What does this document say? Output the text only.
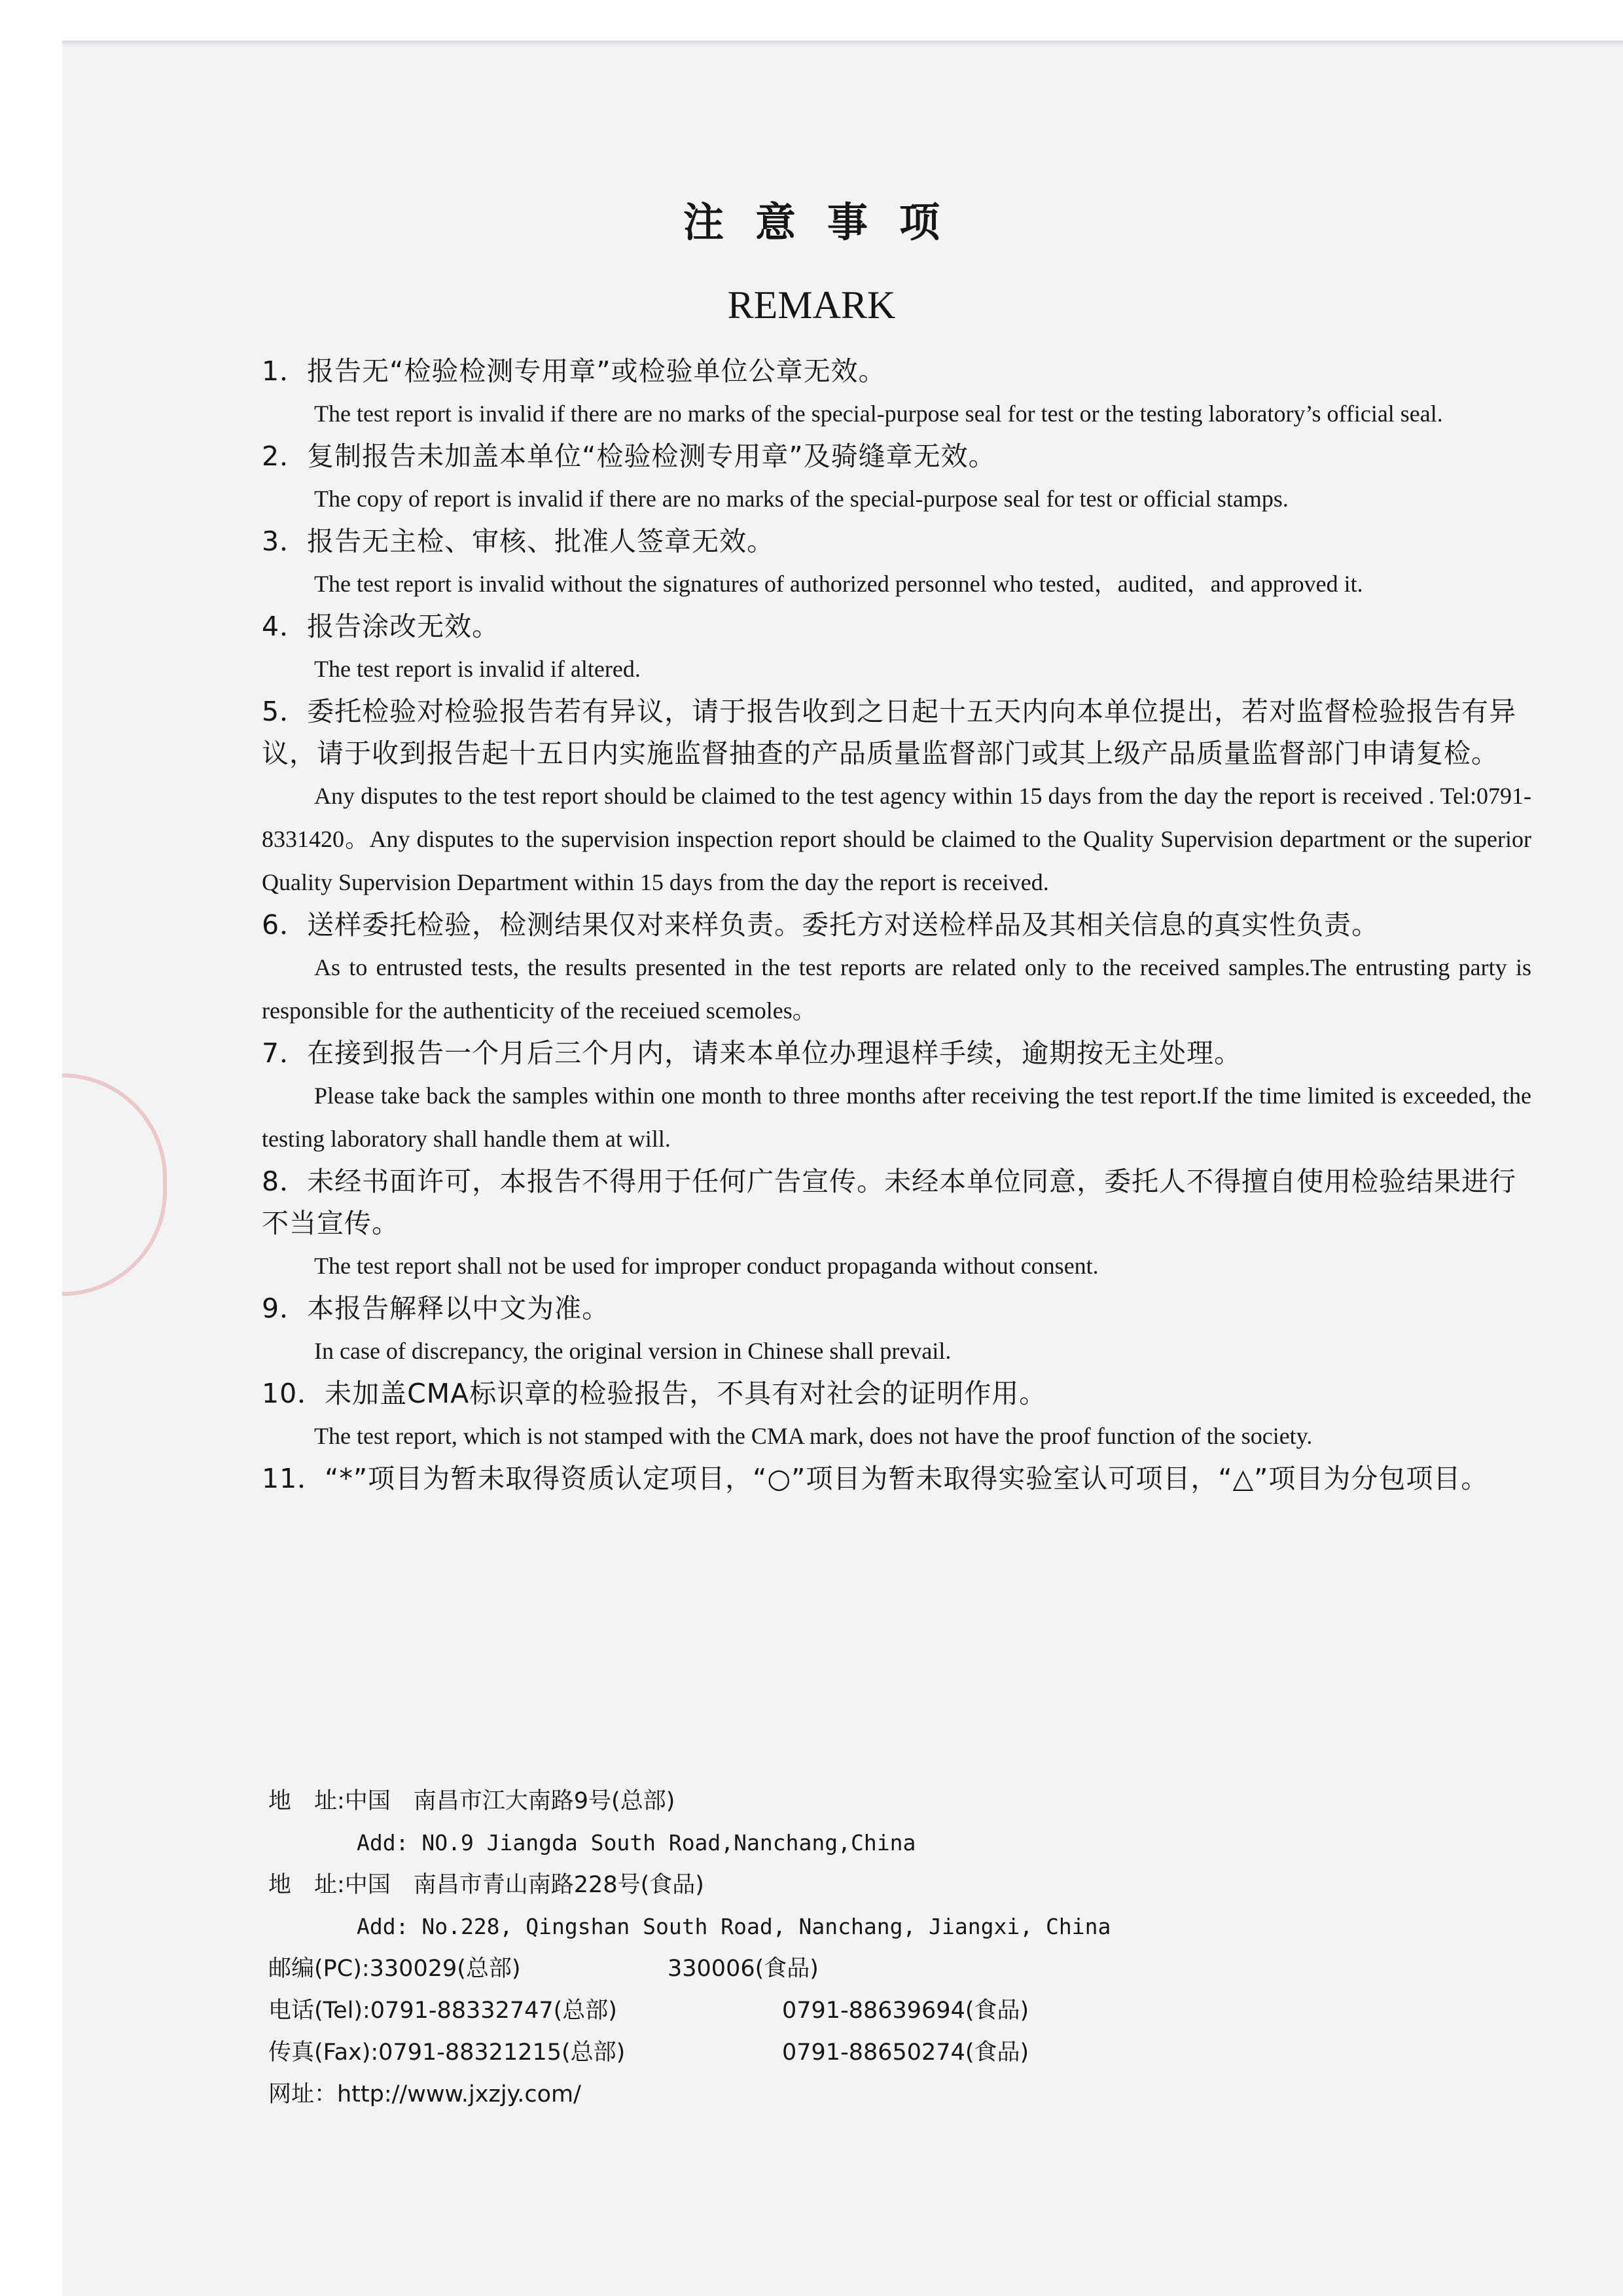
注意事项
REMARK

1．报告无“检验检测专用章”或检验单位公章无效。

The test report is invalid if there are no marks of the special-purpose seal for test or the testing laboratory’s official seal.

2．复制报告未加盖本单位“检验检测专用章”及骑缝章无效。

The copy of report is invalid if there are no marks of the special-purpose seal for test or official stamps.

3．报告无主检、审核、批准人签章无效。

The test report is invalid without the signatures of authorized personnel who tested，audited，and approved it.

4．报告涂改无效。

The test report is invalid if altered.

5．委托检验对检验报告若有异议，请于报告收到之日起十五天内向本单位提出，若对监督检验报告有异议，请于收到报告起十五日内实施监督抽查的产品质量监督部门或其上级产品质量监督部门申请复检。

Any disputes to the test report should be claimed to the test agency within 15 days from the day the report is received . Tel:0791-8331420。Any disputes to the supervision inspection report should be claimed to the Quality Supervision department or the superior Quality Supervision Department within 15 days from the day the report is received.

6．送样委托检验，检测结果仅对来样负责。委托方对送检样品及其相关信息的真实性负责。

As to entrusted tests, the results presented in the test reports are related only to the received samples.The entrusting party is responsible for the authenticity of the receiued scemoles。

7．在接到报告一个月后三个月内，请来本单位办理退样手续，逾期按无主处理。

Please take back the samples within one month to three months after receiving the test report.If the time limited is exceeded, the testing laboratory shall handle them at will.

8．未经书面许可，本报告不得用于任何广告宣传。未经本单位同意，委托人不得擅自使用检验结果进行不当宣传。

The test report shall not be used for improper conduct propaganda without consent.

9．本报告解释以中文为准。

In case of discrepancy, the original version in Chinese shall prevail.

10．未加盖CMA标识章的检验报告，不具有对社会的证明作用。

The test report, which is not stamped with the CMA mark, does not have the proof function of the society.

11．“*”项目为暂未取得资质认定项目，“○”项目为暂未取得实验室认可项目，“△”项目为分包项目。

地　址:中国　南昌市江大南路9号(总部)
Add: NO.9 Jiangda South Road,Nanchang,China
地　址:中国　南昌市青山南路228号(食品)
Add: No.228, Qingshan South Road, Nanchang, Jiangxi, China
邮编(PC):330029(总部)	330006(食品)
电话(Tel):0791-88332747(总部)	0791-88639694(食品)
传真(Fax):0791-88321215(总部)	0791-88650274(食品)
网址：http://www.jxzjy.com/
